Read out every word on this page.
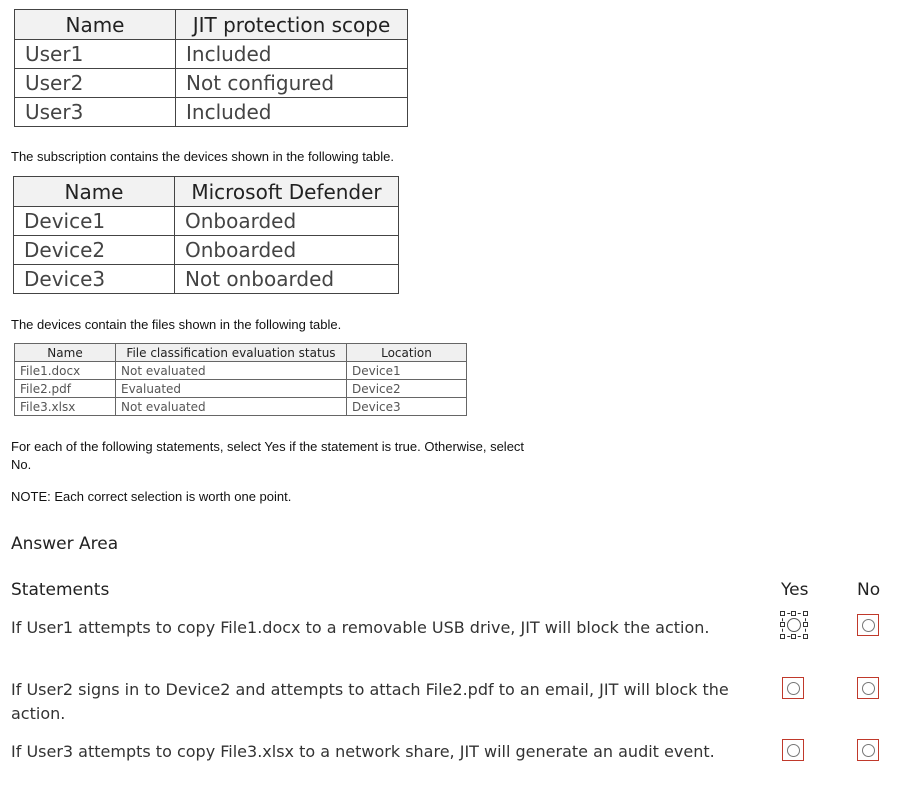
Name	JIT protection scope
User1	Included
User2	Not configured
User3	Included
The subscription contains the devices shown in the following table.
Name	Microsoft Defender
Device1	Onboarded
Device2	Onboarded
Device3	Not onboarded
The devices contain the files shown in the following table.
Name	File classification evaluation status	Location
File1.docx	Not evaluated	Device1
File2.pdf	Evaluated	Device2
File3.xlsx	Not evaluated	Device3
For each of the following statements, select Yes if the statement is true. Otherwise, select
No.
NOTE: Each correct selection is worth one point.
Answer Area
Statements	Yes	No
If User1 attempts to copy File1.docx to a removable USB drive, JIT will block the action.
If User2 signs in to Device2 and attempts to attach File2.pdf to an email, JIT will block the action.
If User3 attempts to copy File3.xlsx to a network share, JIT will generate an audit event.
